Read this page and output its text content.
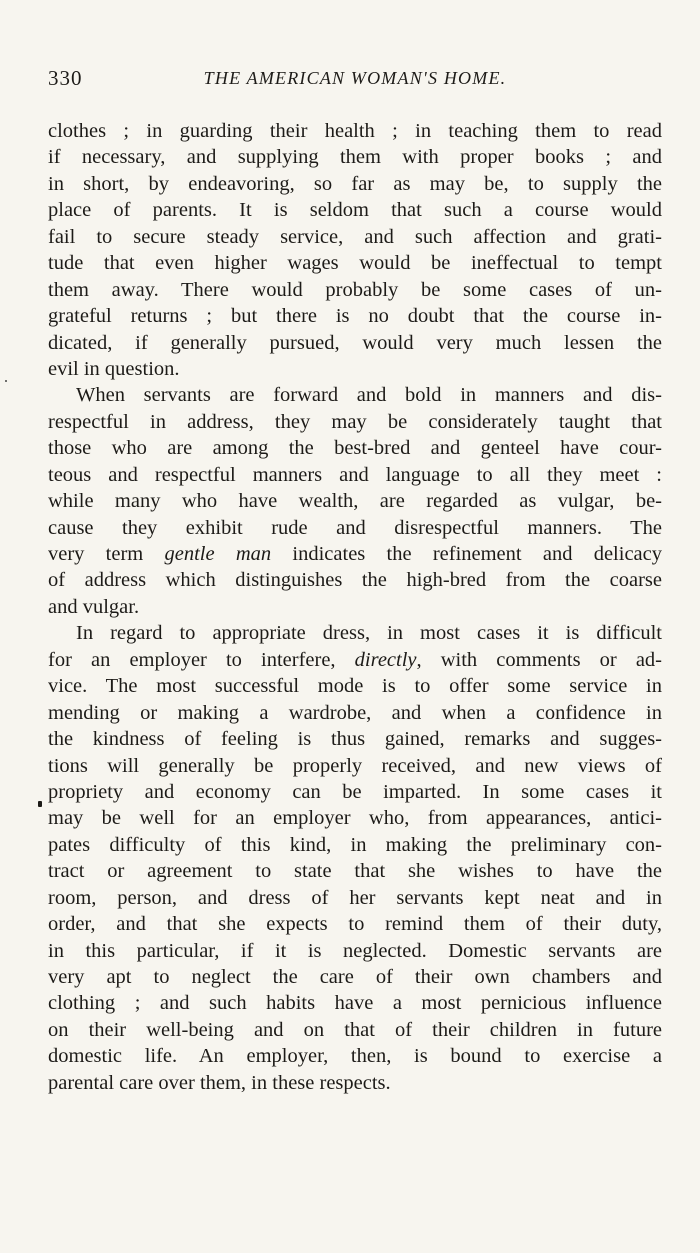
330	THE AMERICAN WOMAN'S HOME.
clothes ; in guarding their health ; in teaching them to read
if necessary, and supplying them with proper books ; and
in short, by endeavoring, so far as may be, to supply the
place of parents. It is seldom that such a course would
fail to secure steady service, and such affection and grati-
tude that even higher wages would be ineffectual to tempt
them away. There would probably be some cases of un-
grateful returns ; but there is no doubt that the course in-
dicated, if generally pursued, would very much lessen the
evil in question.
When servants are forward and bold in manners and dis-
respectful in address, they may be considerately taught that
those who are among the best-bred and genteel have cour-
teous and respectful manners and language to all they meet :
while many who have wealth, are regarded as vulgar, be-
cause they exhibit rude and disrespectful manners. The
very term gentle man indicates the refinement and delicacy
of address which distinguishes the high-bred from the coarse
and vulgar.
In regard to appropriate dress, in most cases it is difficult
for an employer to interfere, directly, with comments or ad-
vice. The most successful mode is to offer some service in
mending or making a wardrobe, and when a confidence in
the kindness of feeling is thus gained, remarks and sugges-
tions will generally be properly received, and new views of
propriety and economy can be imparted. In some cases it
may be well for an employer who, from appearances, antici-
pates difficulty of this kind, in making the preliminary con-
tract or agreement to state that she wishes to have the
room, person, and dress of her servants kept neat and in
order, and that she expects to remind them of their duty,
in this particular, if it is neglected. Domestic servants are
very apt to neglect the care of their own chambers and
clothing ; and such habits have a most pernicious influence
on their well-being and on that of their children in future
domestic life. An employer, then, is bound to exercise a
parental care over them, in these respects.
